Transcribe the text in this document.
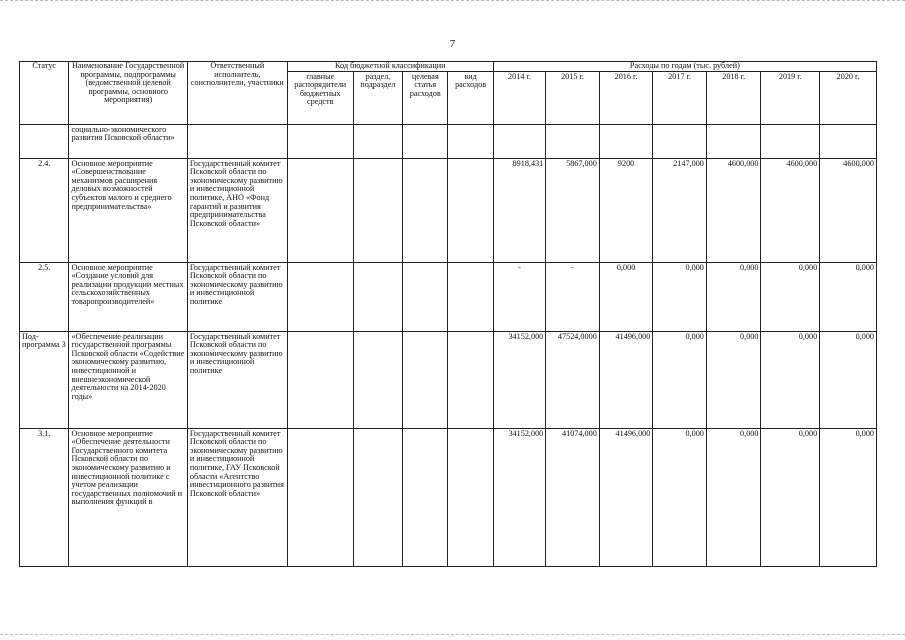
7
Статус	Наименование Государственной программы, подпрограммы (ведомственной целевой программы, основного мероприятия)	Ответственный исполнитель, соисполнители, участники	Код бюджетной классификации				Расходы по годам (тыс. рублей)						
			главные распорядители бюджетных средств	раздел, подраздел	целевая статья расходов	вид расходов	2014 г.	2015 г.	2016 г.	2017 г.	2018 г.	2019 г.	2020 г.
	социально-экономического развития Псковской области»												
2.4.	Основное мероприятие «Совершенствование механизмов расширения деловых возможностей субъектов малого и среднего предпринимательства»	Государственный комитет Псковской области по экономическому развитию и инвестиционной политике, АНО «Фонд гарантий и развития предпринимательства Псковской области»					8918,431	5867,000	9200	2147,000	4600,000	4600,000	4600,000
2.5.	Основное мероприятие «Создание условий для реализации продукции местных сельскохозяйственных товаропроизводителей»	Государственный комитет Псковской области по экономическому развитию и инвестиционной политике					-	-	0,000	0,000	0,000	0,000	0,000
Под-программа 3	«Обеспечение реализации государственной программы Псковской области «Содействие экономическому развитию, инвестиционной и внешнеэкономической деятельности на 2014-2020 годы»	Государственный комитет Псковской области по экономическому развитию и инвестиционной политике					34152,000	47524,0000	41496,000	0,000	0,000	0,000	0,000
3.1.	Основное мероприятие «Обеспечение деятельности Государственного комитета Псковской области по экономическому развитию и инвестиционной политике с учетом реализации государственных полномочий и выполнения функций в	Государственный комитет Псковской области по экономическому развитию и инвестиционной политике, ГАУ Псковской области «Агентство инвестиционного развития Псковской области»					34152,000	41074,000	41496,000	0,000	0,000	0,000	0,000
